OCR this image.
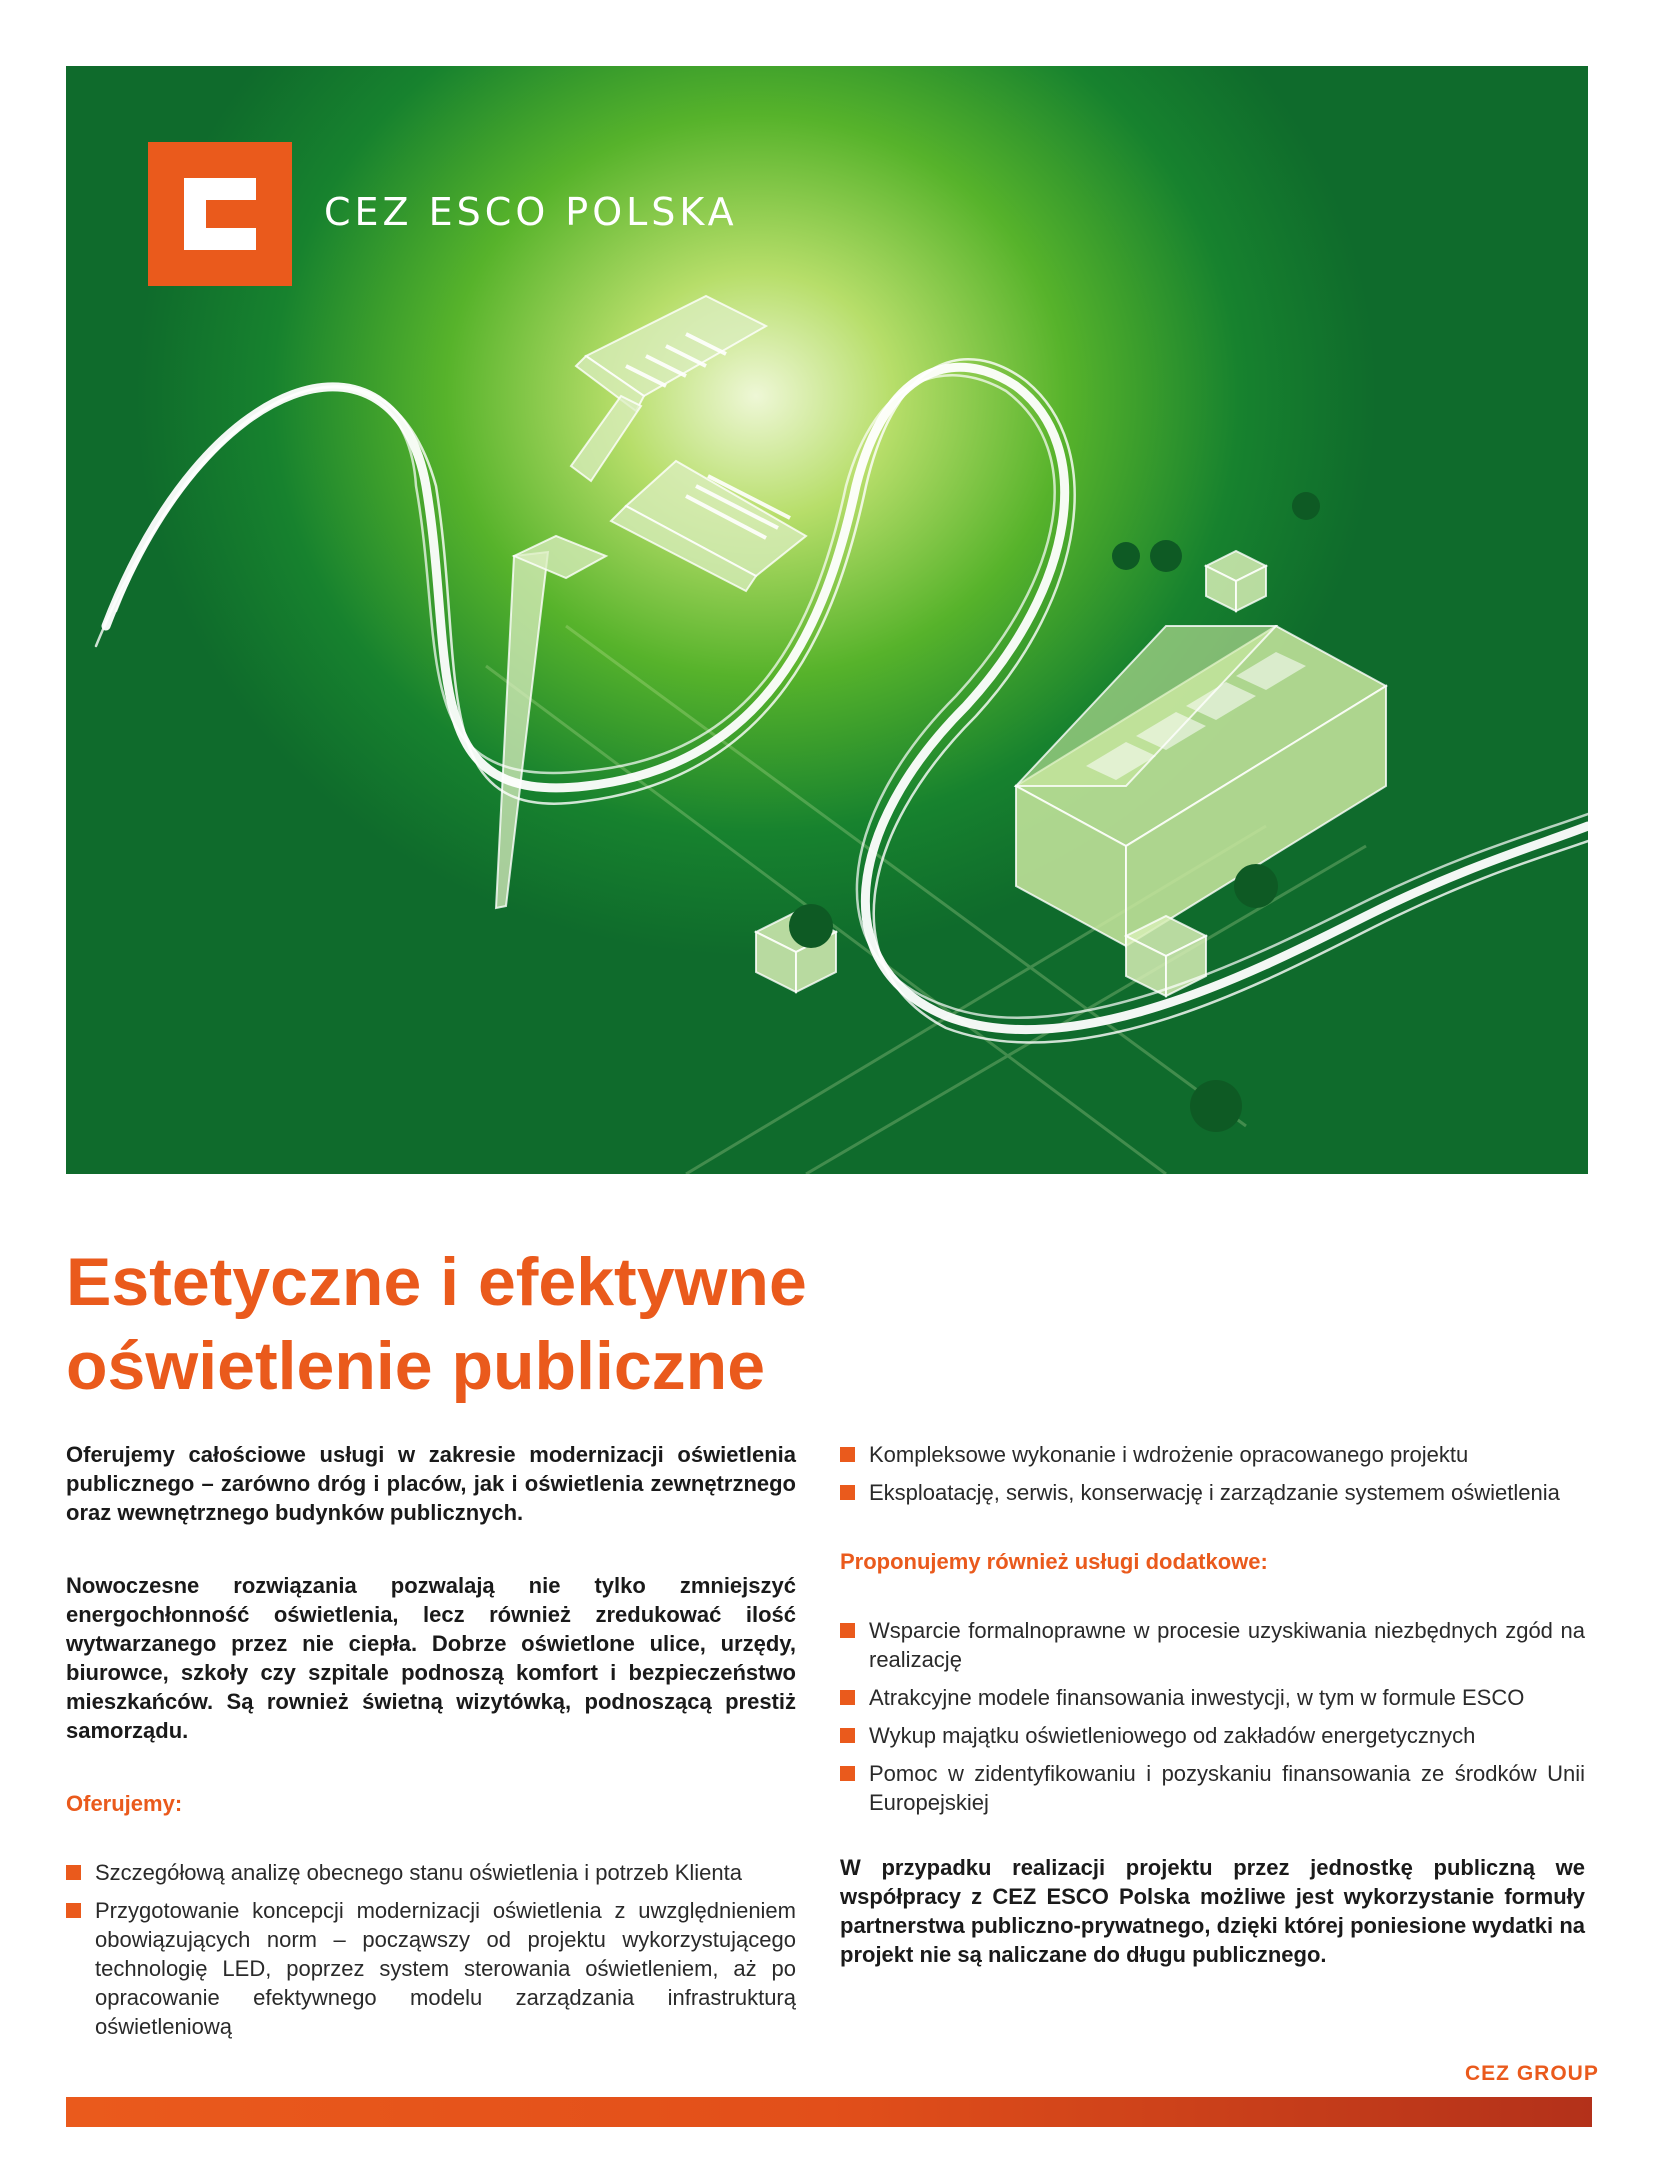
CEZ ESCO POLSKA
Estetyczne i efektywne
oświetlenie publiczne

Oferujemy całościowe usługi w zakresie modernizacji oświetlenia publicznego – zarówno dróg i placów, jak i oświetlenia zewnętrznego oraz wewnętrznego budynków publicznych.

Nowoczesne rozwiązania pozwalają nie tylko zmniejszyć energochłonność oświetlenia, lecz również zredukować ilość wytwarzanego przez nie ciepła. Dobrze oświetlone ulice, urzędy, biurowce, szkoły czy szpitale podnoszą komfort i bezpieczeństwo mieszkańców. Są rownież świetną wizytówką, podnoszącą prestiż samorządu.

Oferujemy:
Szczegółową analizę obecnego stanu oświetlenia i potrzeb Klienta
Przygotowanie koncepcji modernizacji oświetlenia z uwzględnieniem obowiązujących norm – począwszy od projektu wykorzystującego technologię LED, poprzez system sterowania oświetleniem, aż po opracowanie efektywnego modelu zarządzania infrastrukturą oświetleniową
Kompleksowe wykonanie i wdrożenie opracowanego projektu
Eksploatację, serwis, konserwację i zarządzanie systemem oświetlenia
Proponujemy również usługi dodatkowe:
Wsparcie formalnoprawne w procesie uzyskiwania niezbędnych zgód na realizację
Atrakcyjne modele finansowania inwestycji, w tym w formule ESCO
Wykup majątku oświetleniowego od zakładów energetycznych
Pomoc w zidentyfikowaniu i pozyskaniu finansowania ze środków Unii Europejskiej

W przypadku realizacji projektu przez jednostkę publiczną we współpracy z CEZ ESCO Polska możliwe jest wykorzystanie formuły partnerstwa publiczno-prywatnego, dzięki której poniesione wydatki na projekt nie są naliczane do długu publicznego.

CEZ GROUP
